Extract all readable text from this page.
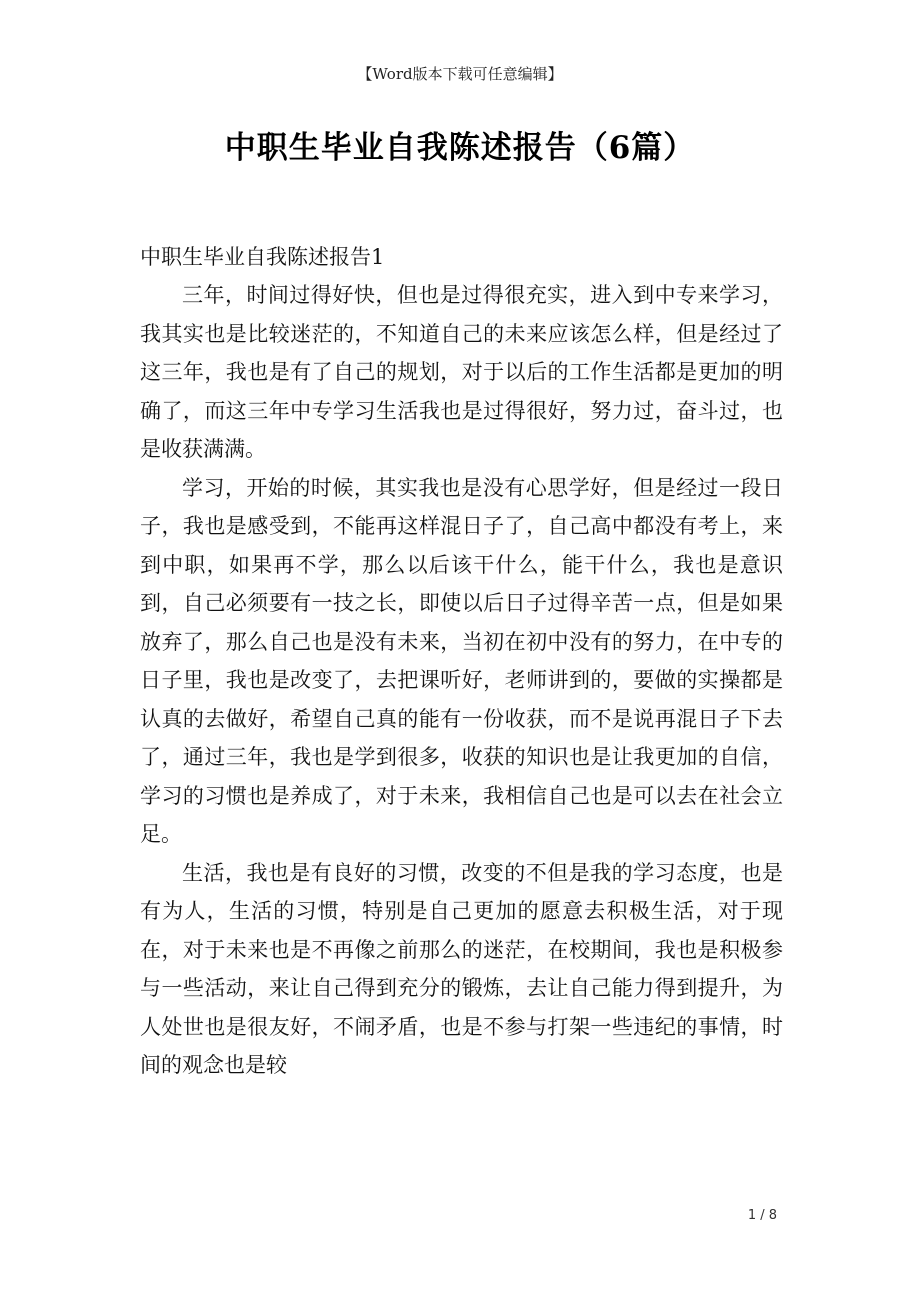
【Word版本下载可任意编辑】
中职生毕业自我陈述报告（6篇）

中职生毕业自我陈述报告1

三年，时间过得好快，但也是过得很充实，进入到中专来学习，我其实也是比较迷茫的，不知道自己的未来应该怎么样，但是经过了这三年，我也是有了自己的规划，对于以后的工作生活都是更加的明确了，而这三年中专学习生活我也是过得很好，努力过，奋斗过，也是收获满满。

学习，开始的时候，其实我也是没有心思学好，但是经过一段日子，我也是感受到，不能再这样混日子了，自己高中都没有考上，来到中职，如果再不学，那么以后该干什么，能干什么，我也是意识到，自己必须要有一技之长，即使以后日子过得辛苦一点，但是如果放弃了，那么自己也是没有未来，当初在初中没有的努力，在中专的日子里，我也是改变了，去把课听好，老师讲到的，要做的实操都是认真的去做好，希望自己真的能有一份收获，而不是说再混日子下去了，通过三年，我也是学到很多，收获的知识也是让我更加的自信，学习的习惯也是养成了，对于未来，我相信自己也是可以去在社会立足。

生活，我也是有良好的习惯，改变的不但是我的学习态度，也是有为人，生活的习惯，特别是自己更加的愿意去积极生活，对于现在，对于未来也是不再像之前那么的迷茫，在校期间，我也是积极参与一些活动，来让自己得到充分的锻炼，去让自己能力得到提升，为人处世也是很友好，不闹矛盾，也是不参与打架一些违纪的事情，时间的观念也是较

1 / 8
